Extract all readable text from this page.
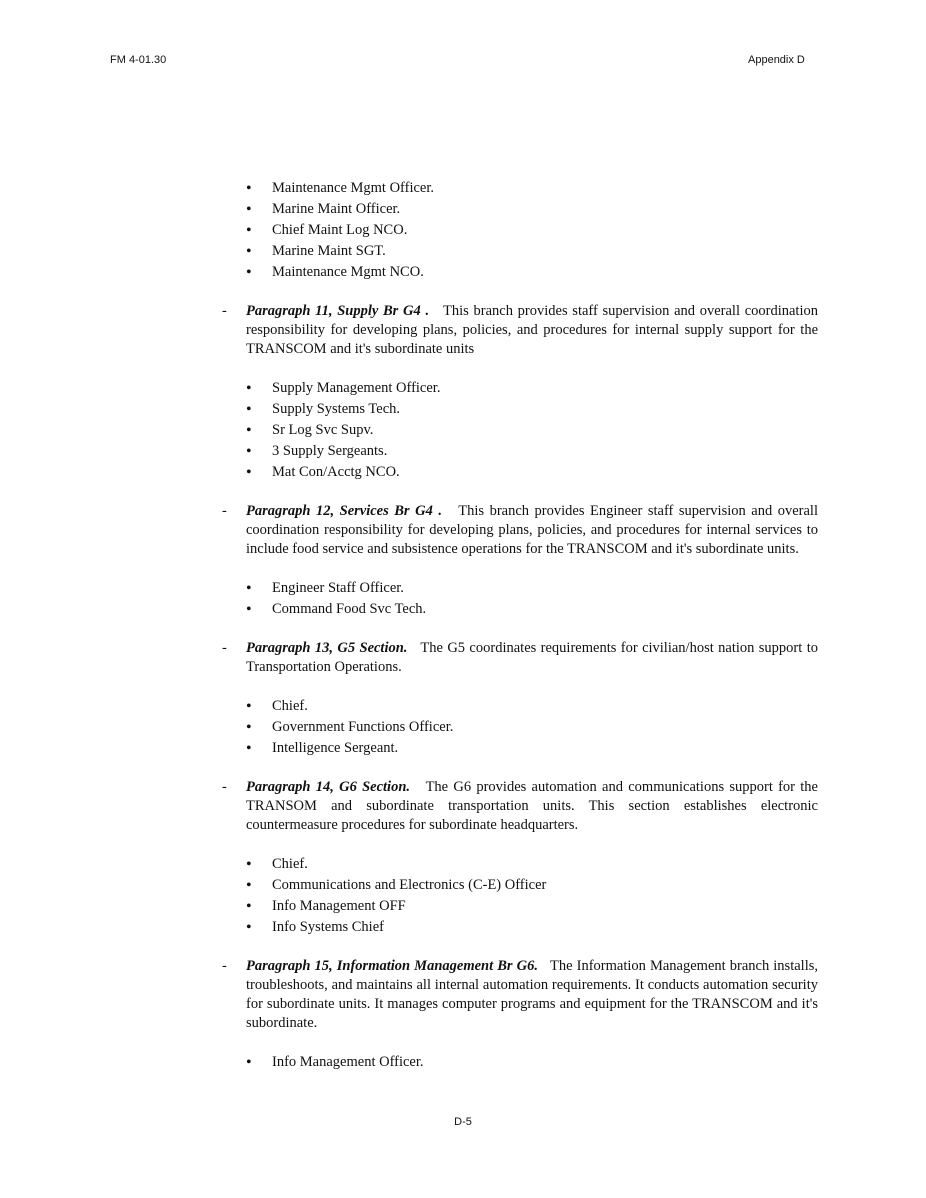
FM 4-01.30	Appendix D
• Maintenance Mgmt Officer.
• Marine Maint Officer.
• Chief Maint Log NCO.
• Marine Maint SGT.
• Maintenance Mgmt NCO.
- Paragraph 11, Supply Br G4 . This branch provides staff supervision and overall coordination responsibility for developing plans, policies, and procedures for internal supply support for the TRANSCOM and it's subordinate units
• Supply Management Officer.
• Supply Systems Tech.
• Sr Log Svc Supv.
• 3 Supply Sergeants.
• Mat Con/Acctg NCO.
- Paragraph 12, Services Br G4 . This branch provides Engineer staff supervision and overall coordination responsibility for developing plans, policies, and procedures for internal services to include food service and subsistence operations for the TRANSCOM and it's subordinate units.
• Engineer Staff Officer.
• Command Food Svc Tech.
- Paragraph 13, G5 Section. The G5 coordinates requirements for civilian/host nation support to Transportation Operations.
• Chief.
• Government Functions Officer.
• Intelligence Sergeant.
- Paragraph 14, G6 Section. The G6 provides automation and communications support for the TRANSOM and subordinate transportation units. This section establishes electronic countermeasure procedures for subordinate headquarters.
• Chief.
• Communications and Electronics (C-E) Officer
• Info Management OFF
• Info Systems Chief
- Paragraph 15, Information Management Br G6. The Information Management branch installs, troubleshoots, and maintains all internal automation requirements. It conducts automation security for subordinate units. It manages computer programs and equipment for the TRANSCOM and it's subordinate.
• Info Management Officer.
D-5
